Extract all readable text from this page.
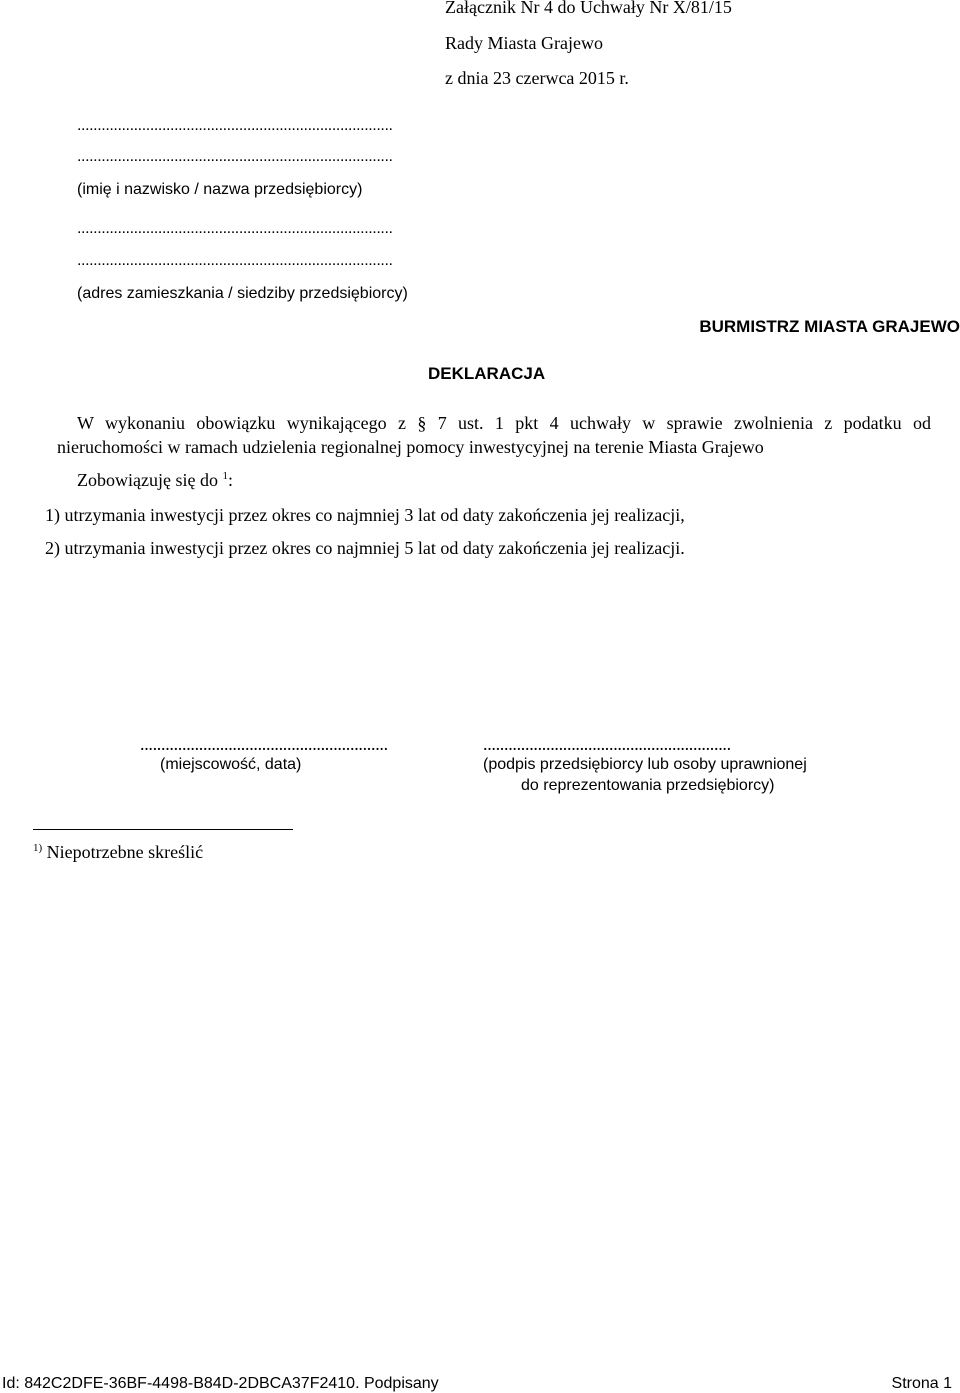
Załącznik Nr 4 do Uchwały Nr X/81/15
Rady Miasta Grajewo
z dnia 23 czerwca 2015 r.
..............................................................................
..............................................................................
(imię i nazwisko / nazwa przedsiębiorcy)
..............................................................................
..............................................................................
(adres zamieszkania / siedziby przedsiębiorcy)
BURMISTRZ MIASTA GRAJEWO
DEKLARACJA
W wykonaniu obowiązku wynikającego z § 7 ust. 1 pkt 4 uchwały w sprawie zwolnienia z podatku od
nieruchomości w ramach udzielenia regionalnej pomocy inwestycyjnej na terenie Miasta Grajewo
Zobowiązuję się do $^1$:
1) utrzymania inwestycji przez okres co najmniej 3 lat od daty zakończenia jej realizacji,
2) utrzymania inwestycji przez okres co najmniej 5 lat od daty zakończenia jej realizacji.
...........................................................
(miejscowość, data)
...........................................................
(podpis przedsiębiorcy lub osoby uprawnionej
do reprezentowania przedsiębiorcy)
$^{1)}$ Niepotrzebne skreślić
Id: 842C2DFE-36BF-4498-B84D-2DBCA37F2410. Podpisany	Strona 1
